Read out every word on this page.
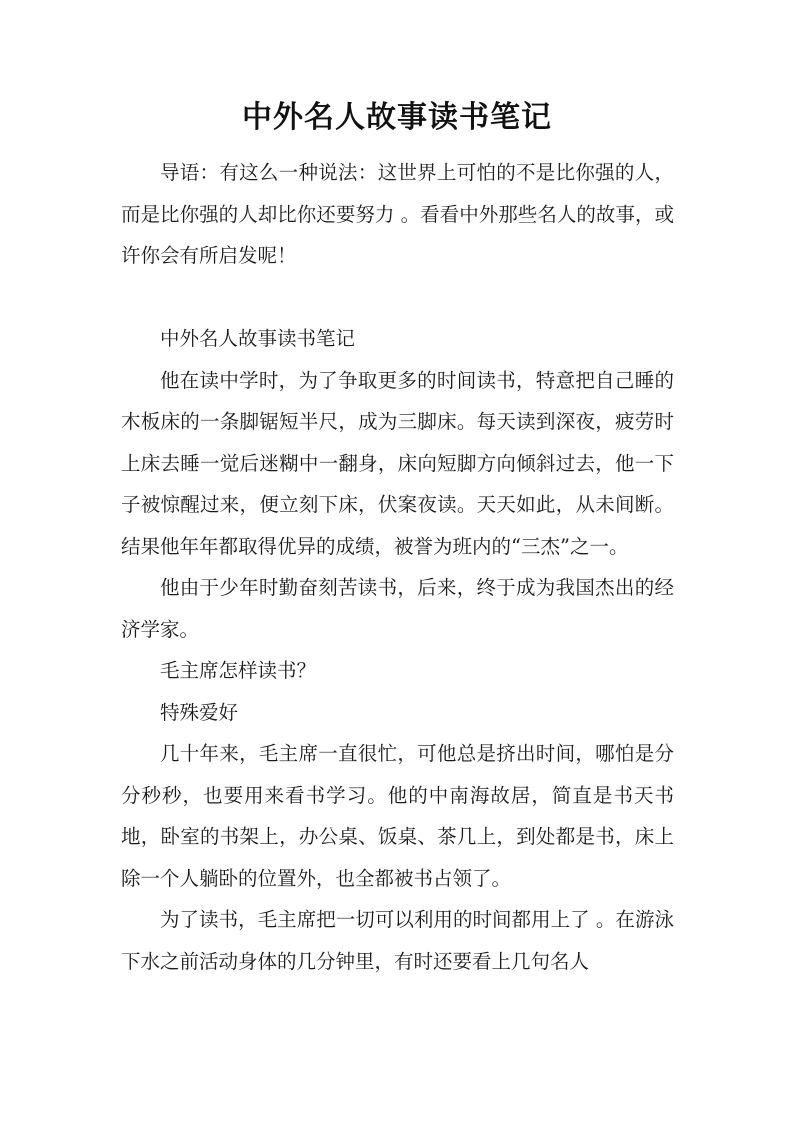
中外名人故事读书笔记

导语：有这么一种说法：这世界上可怕的不是比你强的人，而是比你强的人却比你还要努力 。看看中外那些名人的故事，或许你会有所启发呢！

中外名人故事读书笔记

他在读中学时，为了争取更多的时间读书，特意把自己睡的木板床的一条脚锯短半尺，成为三脚床。每天读到深夜，疲劳时上床去睡一觉后迷糊中一翻身，床向短脚方向倾斜过去，他一下子被惊醒过来，便立刻下床，伏案夜读。天天如此，从未间断。结果他年年都取得优异的成绩，被誉为班内的“三杰”之一。

他由于少年时勤奋刻苦读书，后来，终于成为我国杰出的经济学家。

毛主席怎样读书？

特殊爱好

几十年来，毛主席一直很忙，可他总是挤出时间，哪怕是分分秒秒，也要用来看书学习。他的中南海故居，简直是书天书地，卧室的书架上，办公桌、饭桌、茶几上，到处都是书，床上除一个人躺卧的位置外，也全都被书占领了。

为了读书，毛主席把一切可以利用的时间都用上了 。在游泳下水之前活动身体的几分钟里，有时还要看上几句名人
